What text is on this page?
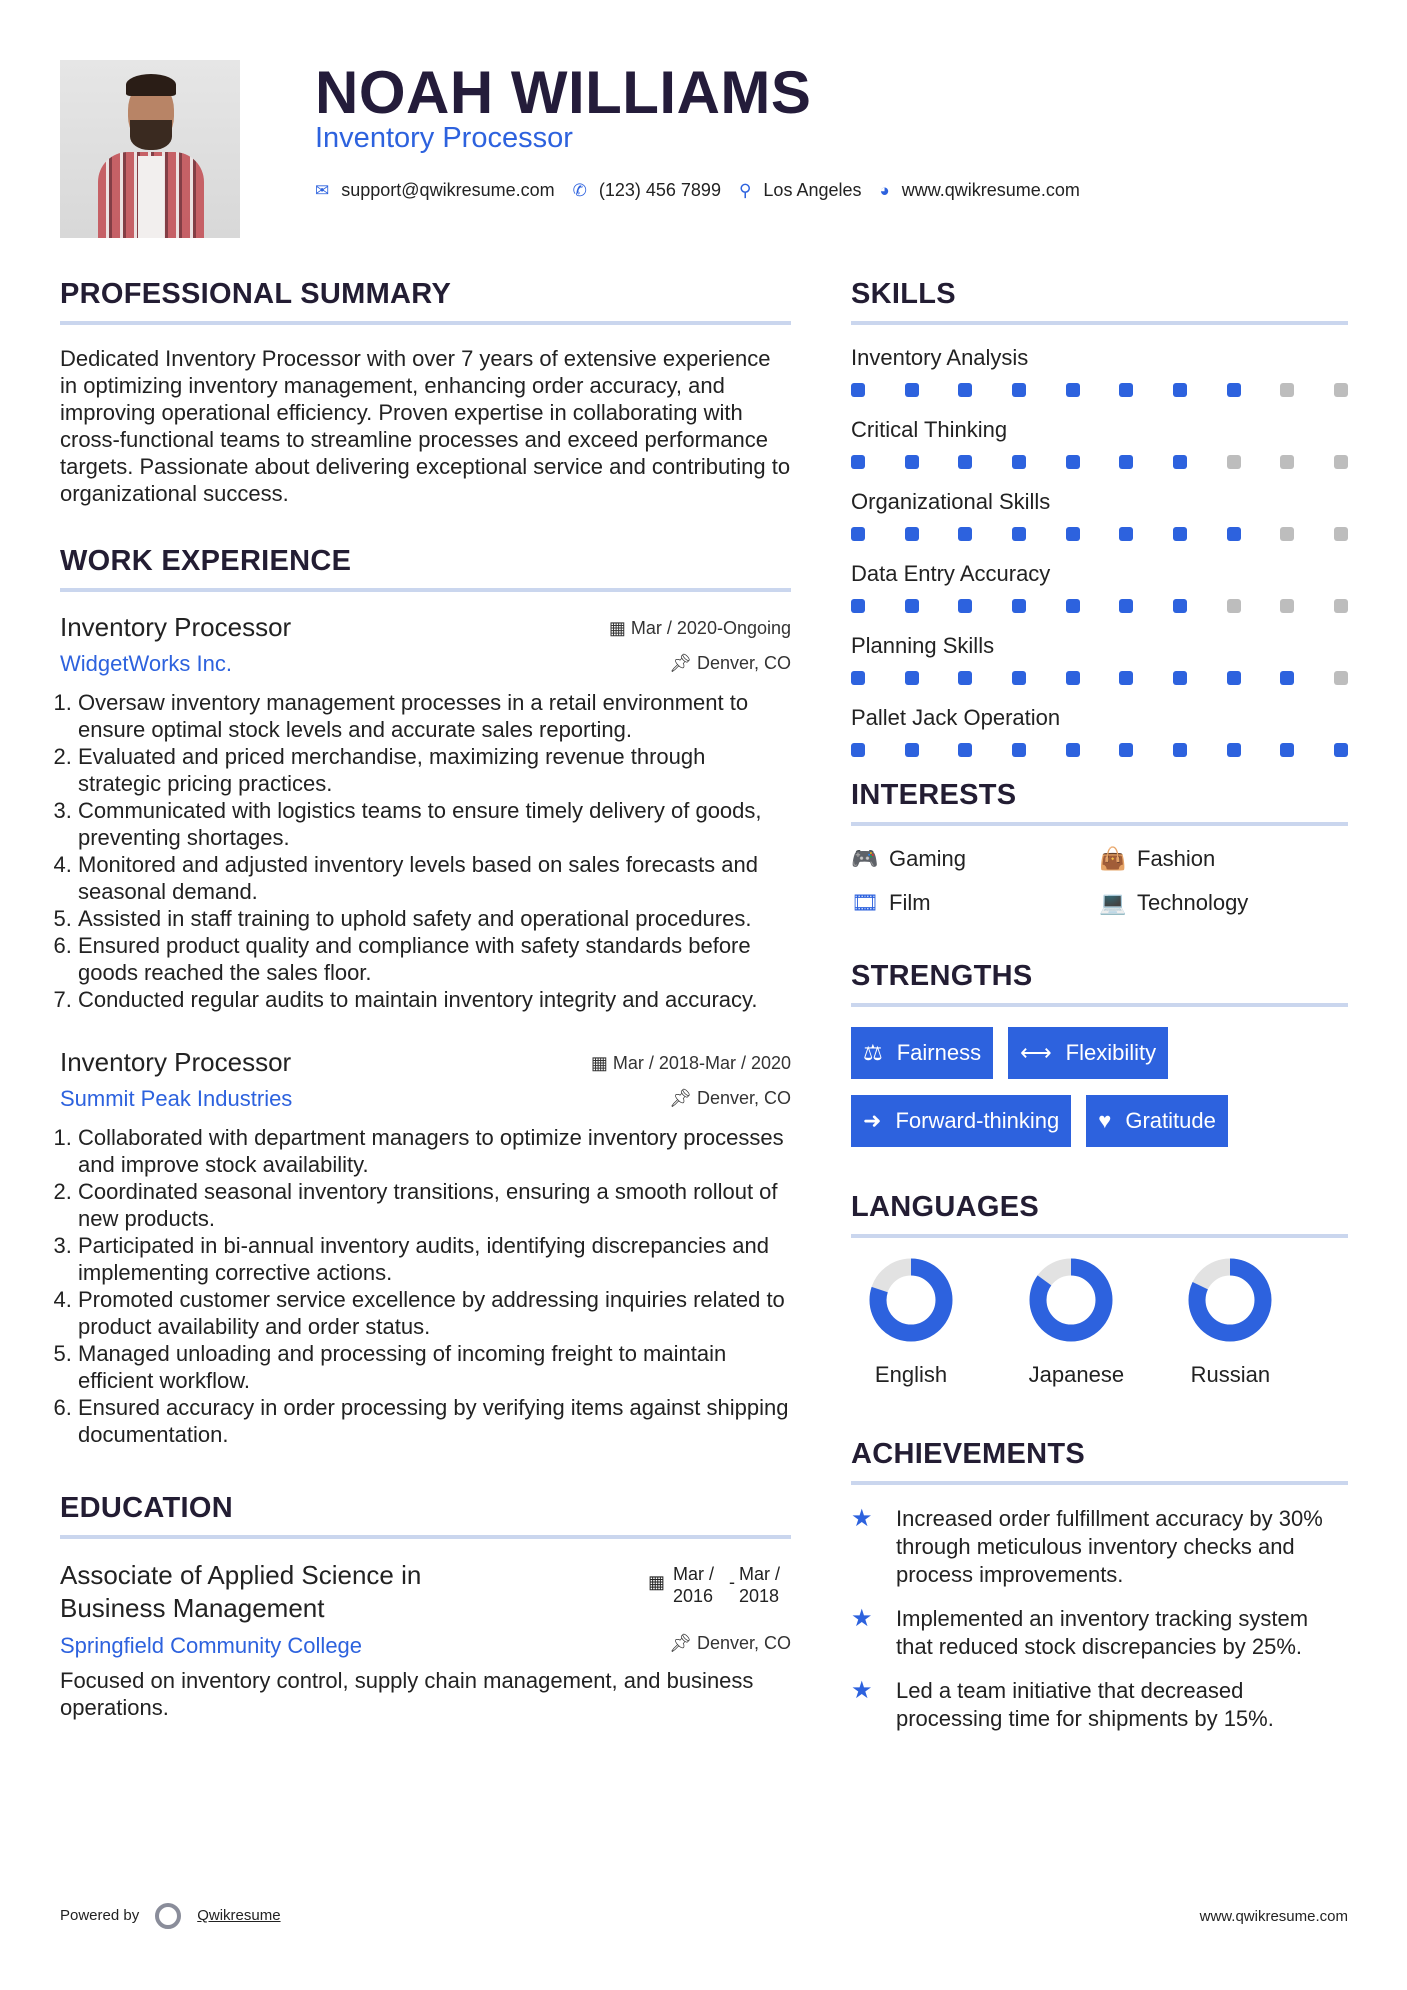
NOAH WILLIAMS
Inventory Processor
✉ support@qwikresume.com ✆ (123) 456 7899 ⚲ Los Angeles ◕ www.qwikresume.com
PROFESSIONAL SUMMARY

Dedicated Inventory Processor with over 7 years of extensive experience in optimizing inventory management, enhancing order accuracy, and improving operational efficiency. Proven expertise in collaborating with cross-functional teams to streamline processes and exceed performance targets. Passionate about delivering exceptional service and contributing to organizational success.

WORK EXPERIENCE
Inventory Processor	▦ Mar / 2020-Ongoing
WidgetWorks Inc.	📌︎ Denver, CO
1. Oversaw inventory management processes in a retail environment to ensure optimal stock levels and accurate sales reporting.
2. Evaluated and priced merchandise, maximizing revenue through strategic pricing practices.
3. Communicated with logistics teams to ensure timely delivery of goods, preventing shortages.
4. Monitored and adjusted inventory levels based on sales forecasts and seasonal demand.
5. Assisted in staff training to uphold safety and operational procedures.
6. Ensured product quality and compliance with safety standards before goods reached the sales floor.
7. Conducted regular audits to maintain inventory integrity and accuracy.
Inventory Processor	▦ Mar / 2018-Mar / 2020
Summit Peak Industries	📌︎ Denver, CO
1. Collaborated with department managers to optimize inventory processes and improve stock availability.
2. Coordinated seasonal inventory transitions, ensuring a smooth rollout of new products.
3. Participated in bi-annual inventory audits, identifying discrepancies and implementing corrective actions.
4. Promoted customer service excellence by addressing inquiries related to product availability and order status.
5. Managed unloading and processing of incoming freight to maintain efficient workflow.
6. Ensured accuracy in order processing by verifying items against shipping documentation.
EDUCATION
Associate of Applied Science in Business Management
▦ Mar / 2016
- Mar / 2018
Springfield Community College	📌︎ Denver, CO

Focused on inventory control, supply chain management, and business operations.

SKILLS
Inventory Analysis
Critical Thinking
Organizational Skills
Data Entry Accuracy
Planning Skills
Pallet Jack Operation
INTERESTS
🎮 Gaming	👜 Fashion
🎞 Film	💻 Technology
STRENGTHS
⚖ Fairness ⟷ Flexibility
➜ Forward-thinking ♥ Gratitude
LANGUAGES
English	Japanese	Russian
ACHIEVEMENTS
★	Increased order fulfillment accuracy by 30% through meticulous inventory checks and process improvements.
★	Implemented an inventory tracking system that reduced stock discrepancies by 25%.
★	Led a team initiative that decreased processing time for shipments by 15%.
Powered by	Qwikresume	www.qwikresume.com
